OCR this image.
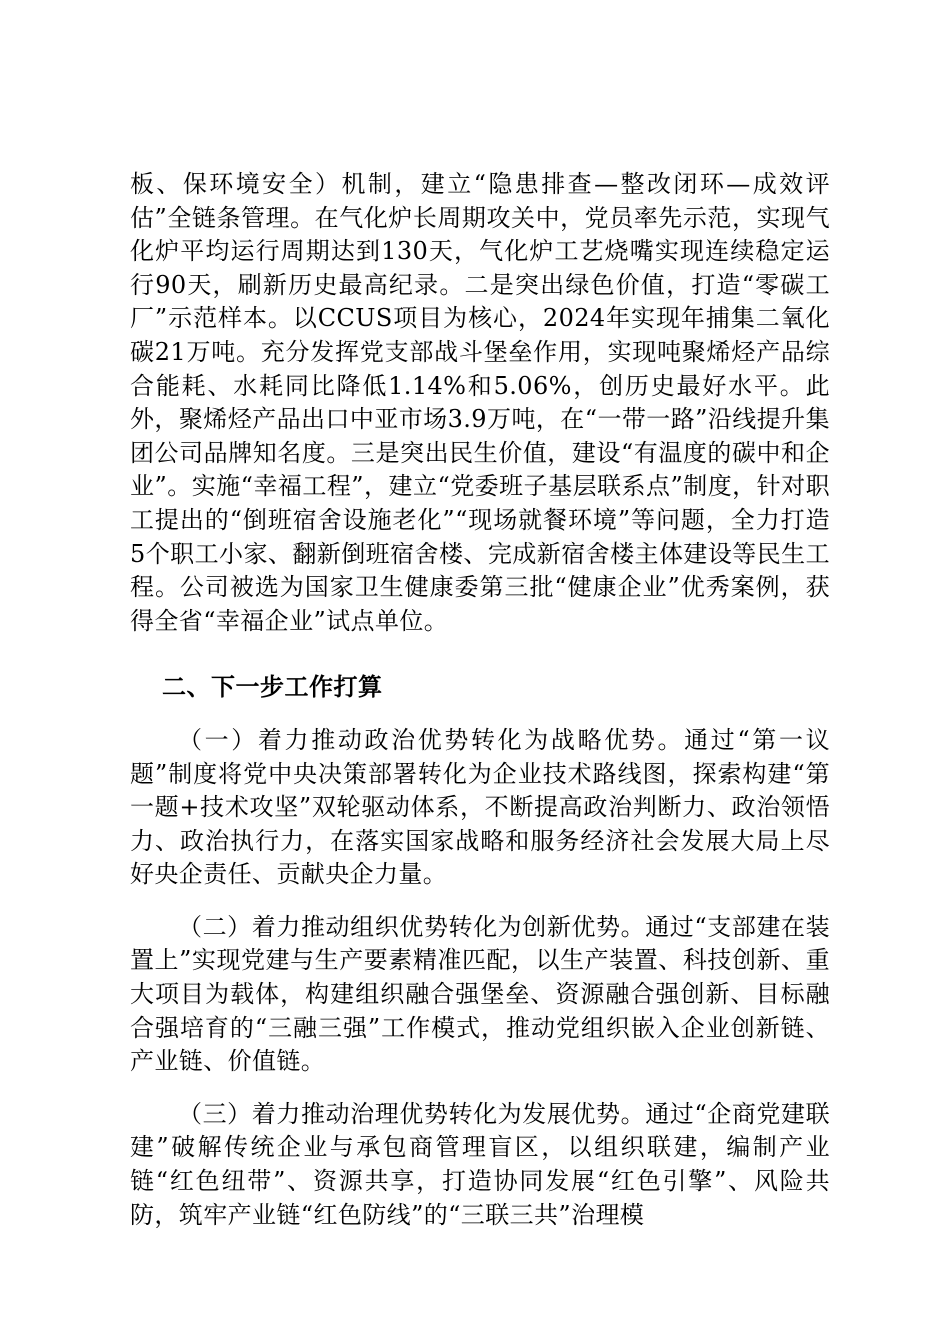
板、保环境安全）机制，建立“隐患排查—整改闭环—成效评估”全链条管理。在气化炉长周期攻关中，党员率先示范，实现气化炉平均运行周期达到130天，气化炉工艺烧嘴实现连续稳定运行90天，刷新历史最高纪录。二是突出绿色价值，打造“零碳工厂”示范样本。以CCUS项目为核心，2024年实现年捕集二氧化碳21万吨。充分发挥党支部战斗堡垒作用，实现吨聚烯烃产品综合能耗、水耗同比降低1.14%和5.06%，创历史最好水平。此外，聚烯烃产品出口中亚市场3.9万吨，在“一带一路”沿线提升集团公司品牌知名度。三是突出民生价值，建设“有温度的碳中和企业”。实施“幸福工程”，建立“党委班子基层联系点”制度，针对职工提出的“倒班宿舍设施老化”“现场就餐环境”等问题，全力打造5个职工小家、翻新倒班宿舍楼、完成新宿舍楼主体建设等民生工程。公司被选为国家卫生健康委第三批“健康企业”优秀案例，获得全省“幸福企业”试点单位。

二、下一步工作打算

（一）着力推动政治优势转化为战略优势。通过“第一议题”制度将党中央决策部署转化为企业技术路线图，探索构建“第一题+技术攻坚”双轮驱动体系，不断提高政治判断力、政治领悟力、政治执行力，在落实国家战略和服务经济社会发展大局上尽好央企责任、贡献央企力量。

（二）着力推动组织优势转化为创新优势。通过“支部建在装置上”实现党建与生产要素精准匹配，以生产装置、科技创新、重大项目为载体，构建组织融合强堡垒、资源融合强创新、目标融合强培育的“三融三强”工作模式，推动党组织嵌入企业创新链、产业链、价值链。

（三）着力推动治理优势转化为发展优势。通过“企商党建联建”破解传统企业与承包商管理盲区，以组织联建，编制产业链“红色纽带”、资源共享，打造协同发展“红色引擎”、风险共防，筑牢产业链“红色防线”的“三联三共”治理模
